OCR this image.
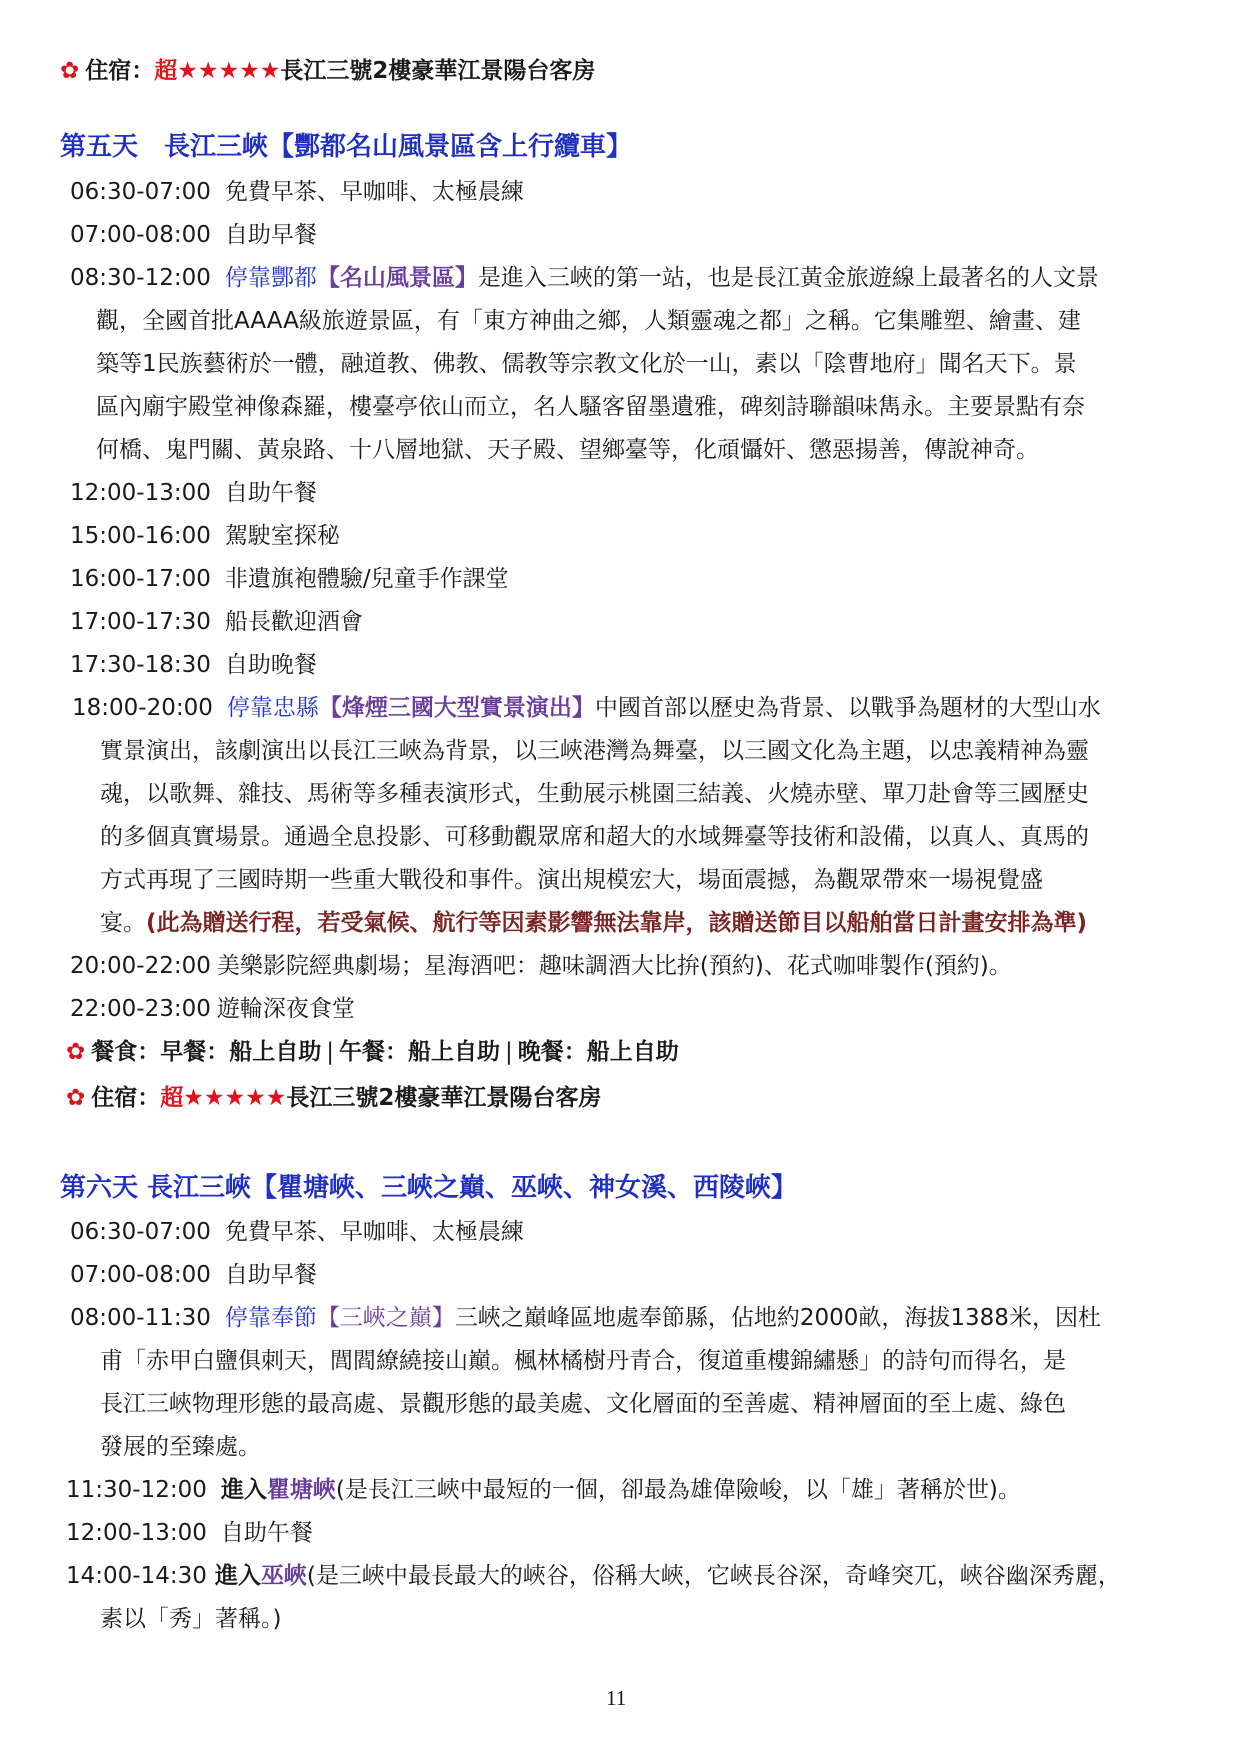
✿ 住宿：超★★★★★長江三號2樓豪華江景陽台客房
第五天　長江三峽【酆都名山風景區含上行纜車】
06:30-07:00 免費早茶、早咖啡、太極晨練
07:00-08:00 自助早餐
08:30-12:00 停靠酆都【名山風景區】是進入三峽的第一站，也是長江黃金旅遊線上最著名的人文景
觀，全國首批AAAA級旅遊景區，有「東方神曲之鄉，人類靈魂之都」之稱。它集雕塑、繪畫、建
築等1民族藝術於一體，融道教、佛教、儒教等宗教文化於一山，素以「陰曹地府」聞名天下。景
區內廟宇殿堂神像森羅，樓臺亭依山而立，名人騷客留墨遺雅，碑刻詩聯韻味雋永。主要景點有奈
何橋、鬼門關、黃泉路、十八層地獄、天子殿、望鄉臺等，化頑懾奸、懲惡揚善，傳說神奇。
12:00-13:00 自助午餐
15:00-16:00 駕駛室探秘
16:00-17:00 非遺旗袍體驗/兒童手作課堂
17:00-17:30 船長歡迎酒會
17:30-18:30 自助晚餐
18:00-20:00 停靠忠縣【烽煙三國大型實景演出】中國首部以歷史為背景、以戰爭為題材的大型山水
實景演出，該劇演出以長江三峽為背景，以三峽港灣為舞臺，以三國文化為主題，以忠義精神為靈
魂，以歌舞、雜技、馬術等多種表演形式，生動展示桃園三結義、火燒赤壁、單刀赴會等三國歷史
的多個真實場景。通過全息投影、可移動觀眾席和超大的水域舞臺等技術和設備，以真人、真馬的
方式再現了三國時期一些重大戰役和事件。演出規模宏大，場面震撼，為觀眾帶來一場視覺盛
宴。(此為贈送行程，若受氣候、航行等因素影響無法靠岸，該贈送節目以船舶當日計畫安排為準)
20:00-22:00 美樂影院經典劇場；星海酒吧：趣味調酒大比拚(預約)、花式咖啡製作(預約)。
22:00-23:00 遊輪深夜食堂
✿ 餐食：早餐：船上自助 | 午餐：船上自助 | 晚餐：船上自助
✿ 住宿：超★★★★★長江三號2樓豪華江景陽台客房
第六天 長江三峽【瞿塘峽、三峽之巔、巫峽、神女溪、西陵峽】
06:30-07:00 免費早茶、早咖啡、太極晨練
07:00-08:00 自助早餐
08:00-11:30 停靠奉節【三峽之巔】三峽之巔峰區地處奉節縣，佔地約2000畝，海拔1388米，因杜
甫「赤甲白鹽俱刺天，閭閻繚繞接山巔。楓林橘樹丹青合，復道重樓錦繡懸」的詩句而得名，是
長江三峽物理形態的最高處、景觀形態的最美處、文化層面的至善處、精神層面的至上處、綠色
發展的至臻處。
11:30-12:00 進入瞿塘峽(是長江三峽中最短的一個，卻最為雄偉險峻，以「雄」著稱於世)。
12:00-13:00 自助午餐
14:00-14:30 進入巫峽(是三峽中最長最大的峽谷，俗稱大峽，它峽長谷深，奇峰突兀，峽谷幽深秀麗，
素以「秀」著稱。)
11
